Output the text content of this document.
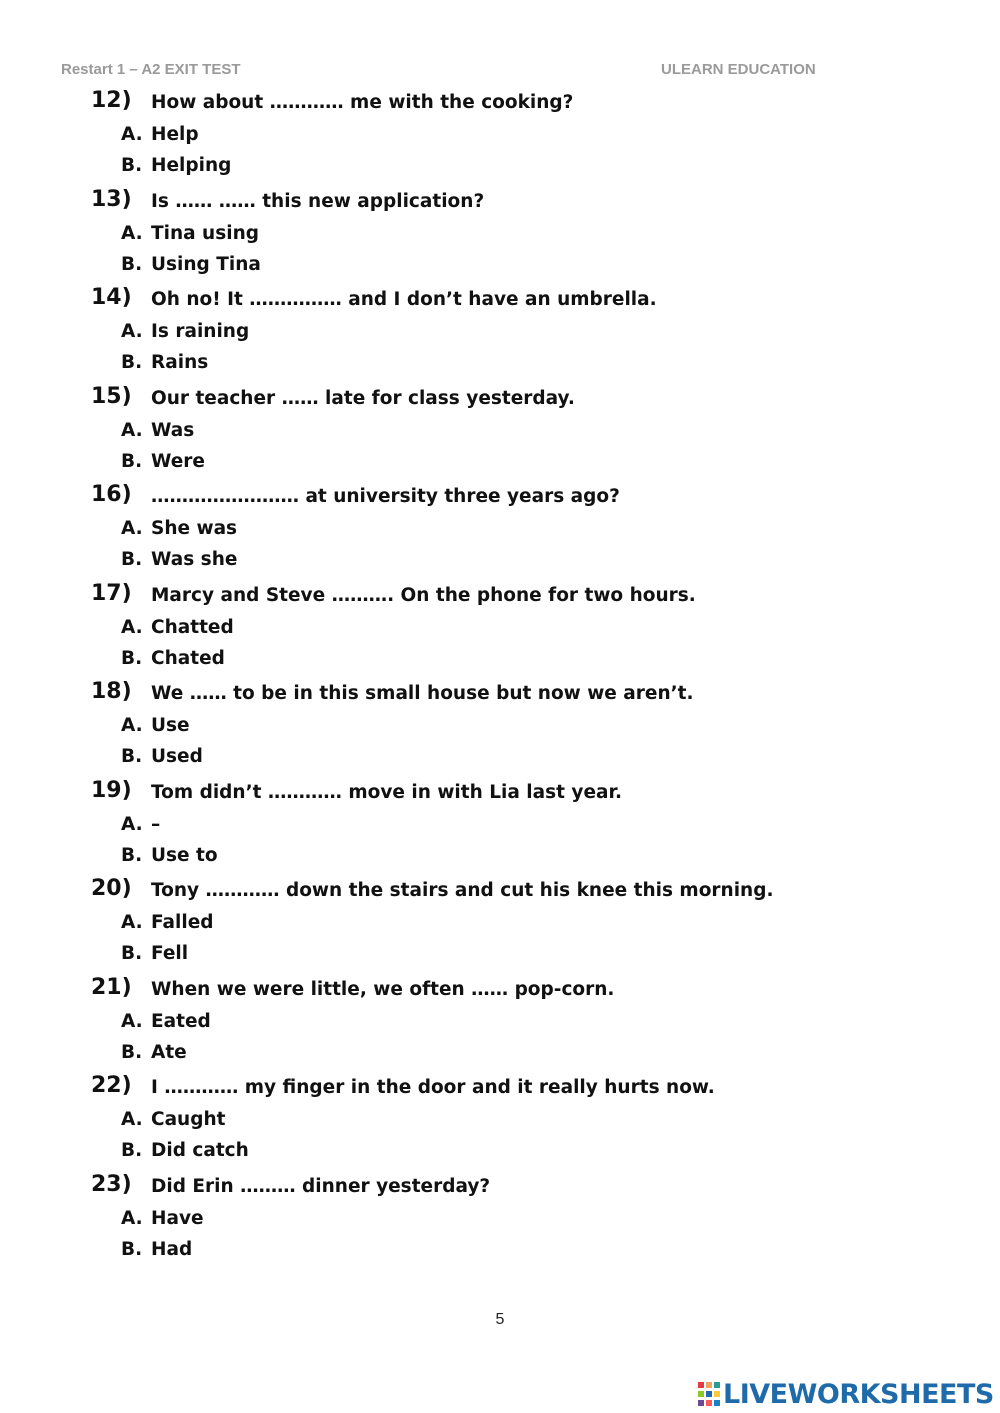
Restart 1 – A2 EXIT TEST	ULEARN EDUCATION
12) How about ………… me with the cooking?
A. Help
B. Helping
13) Is …… …… this new application?
A. Tina using
B. Using Tina
14) Oh no! It …………… and I don’t have an umbrella.
A. Is raining
B. Rains
15) Our teacher …… late for class yesterday.
A. Was
B. Were
16) …………………… at university three years ago?
A. She was
B. Was she
17) Marcy and Steve ………. On the phone for two hours.
A. Chatted
B. Chated
18) We …… to be in this small house but now we aren’t.
A. Use
B. Used
19) Tom didn’t ………… move in with Lia last year.
A. –
B. Use to
20) Tony ………… down the stairs and cut his knee this morning.
A. Falled
B. Fell
21) When we were little, we often …… pop-corn.
A. Eated
B. Ate
22) I ………… my finger in the door and it really hurts now.
A. Caught
B. Did catch
23) Did Erin ……… dinner yesterday?
A. Have
B. Had
5
LIVEWORKSHEETS
